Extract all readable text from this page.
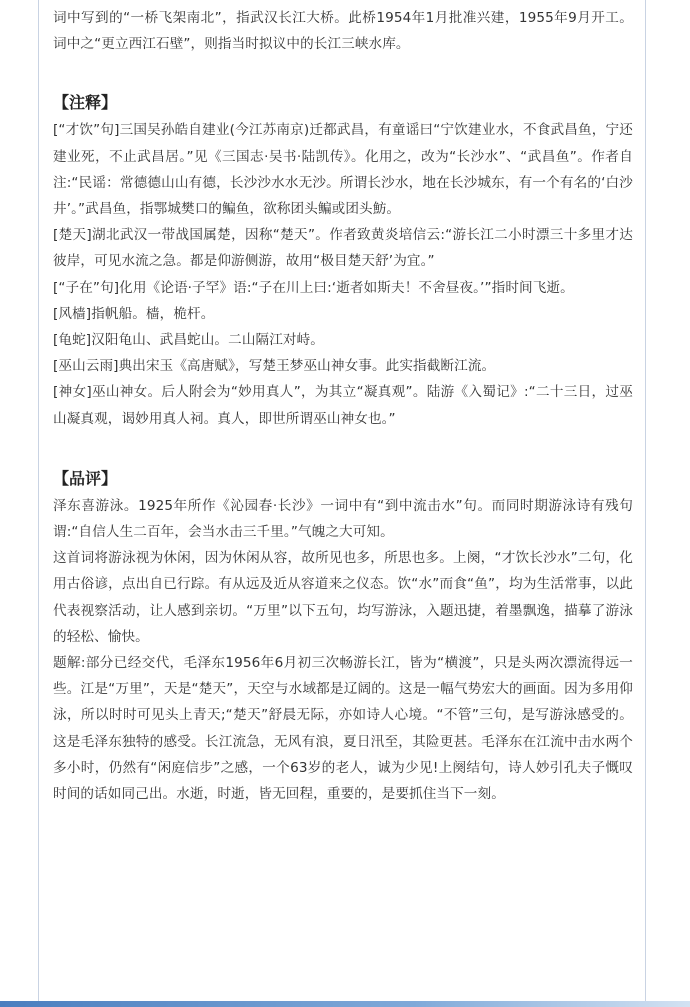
词中写到的“一桥飞架南北”，指武汉长江大桥。此桥1954年1月批准兴建，1955年9月开工。词中之“更立西江石壁”，则指当时拟议中的长江三峡水库。

【注释】

[“才饮”句]三国吴孙皓自建业(今江苏南京)迁都武昌，有童谣曰“宁饮建业水，不食武昌鱼，宁还建业死，不止武昌居。”见《三国志·吴书·陆凯传》。化用之，改为“长沙水”、“武昌鱼”。作者自注:“民谣：常德德山山有德，长沙沙水水无沙。所谓长沙水，地在长沙城东，有一个有名的‘白沙井’。”武昌鱼，指鄂城樊口的鳊鱼，欲称团头鳊或团头魴。

[楚天]湖北武汉一带战国属楚，因称“楚天”。作者致黄炎培信云:“游长江二小时漂三十多里才达彼岸，可见水流之急。都是仰游侧游，故用“极目楚天舒’为宜。”

[“子在”句]化用《论语·子罕》语:“子在川上曰:‘逝者如斯夫！不舍昼夜。’”指时间飞逝。

[风樯]指帆船。樯，桅杆。

[龟蛇]汉阳龟山、武昌蛇山。二山隔江对峙。

[巫山云雨]典出宋玉《高唐赋》，写楚王梦巫山神女事。此实指截断江流。

[神女]巫山神女。后人附会为“妙用真人”，为其立“凝真观”。陆游《入蜀记》:“二十三日，过巫山凝真观，谒妙用真人祠。真人，即世所谓巫山神女也。”

【品评】

泽东喜游泳。1925年所作《沁园春·长沙》一词中有“到中流击水”句。而同时期游泳诗有残句谓:“自信人生二百年，会当水击三千里。”气魄之大可知。

这首词将游泳视为休闲，因为休闲从容，故所见也多，所思也多。上阕，“才饮长沙水”二句，化用古俗谚，点出自已行踪。有从远及近从容道来之仪态。饮“水”而食“鱼”，均为生活常事，以此代表视察活动，让人感到亲切。“万里”以下五句，均写游泳，入题迅捷，着墨飘逸，描摹了游泳的轻松、愉快。

题解:部分已经交代，毛泽东1956年6月初三次畅游长江，皆为“横渡”，只是头两次漂流得远一些。江是“万里”，天是“楚天”，天空与水域都是辽阔的。这是一幅气势宏大的画面。因为多用仰泳，所以时时可见头上青天;“楚天”舒晨无际，亦如诗人心境。“不管”三句，是写游泳感受的。这是毛泽东独特的感受。长江流急，无风有浪，夏日汛至，其险更甚。毛泽东在江流中击水两个多小时，仍然有“闲庭信步”之感，一个63岁的老人，诚为少见!上阕结句，诗人妙引孔夫子慨叹时间的话如同己出。水逝，时逝，皆无回程，重要的，是要抓住当下一刻。
